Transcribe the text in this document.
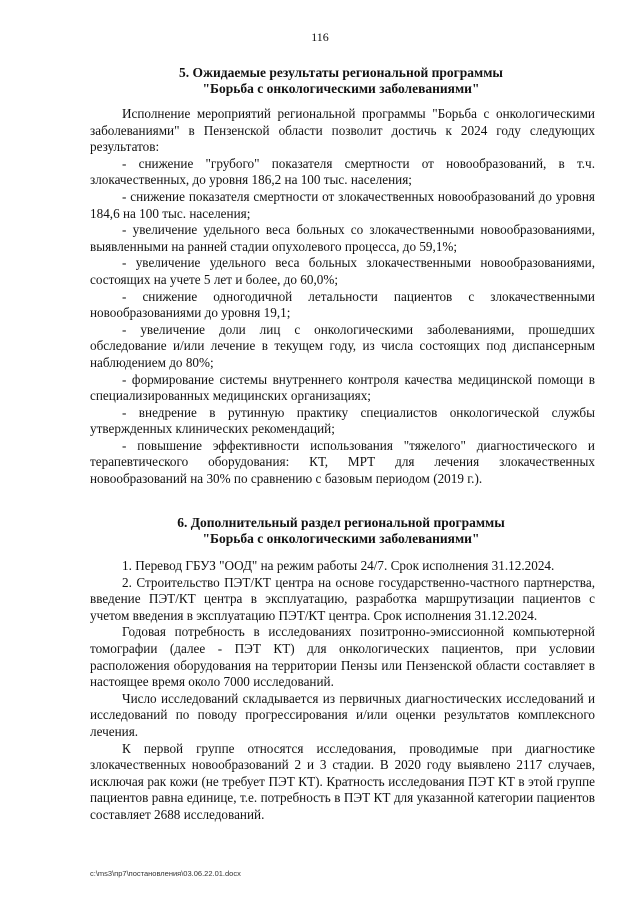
116
5. Ожидаемые результаты региональной программы
"Борьба с онкологическими заболеваниями"

Исполнение мероприятий региональной программы "Борьба с онкологическими заболеваниями" в Пензенской области позволит достичь к 2024 году следующих результатов:

- снижение "грубого" показателя смертности от новообразований, в т.ч. злокачественных, до уровня 186,2 на 100 тыс. населения;

- снижение показателя смертности от злокачественных новообразований до уровня 184,6 на 100 тыс. населения;

- увеличение удельного веса больных со злокачественными новообразованиями, выявленными на ранней стадии опухолевого процесса, до 59,1%;

- увеличение удельного веса больных злокачественными новообразованиями, состоящих на учете 5 лет и более, до 60,0%;

- снижение одногодичной летальности пациентов с злокачественными новообразованиями до уровня 19,1;

- увеличение доли лиц с онкологическими заболеваниями, прошедших обследование и/или лечение в текущем году, из числа состоящих под диспансерным наблюдением до 80%;

- формирование системы внутреннего контроля качества медицинской помощи в специализированных медицинских организациях;

- внедрение в рутинную практику специалистов онкологической службы утвержденных клинических рекомендаций;

- повышение эффективности использования "тяжелого" диагностического и терапевтического оборудования: КТ, МРТ для лечения злокачественных новообразований на 30% по сравнению с базовым периодом (2019 г.).

6. Дополнительный раздел региональной программы
"Борьба с онкологическими заболеваниями"

1. Перевод ГБУЗ "ООД" на режим работы 24/7. Срок исполнения 31.12.2024.

2. Строительство ПЭТ/КТ центра на основе государственно-частного партнерства, введение ПЭТ/КТ центра в эксплуатацию, разработка маршрутизации пациентов с учетом введения в эксплуатацию ПЭТ/КТ центра. Срок исполнения 31.12.2024.

Годовая потребность в исследованиях позитронно-эмиссионной компьютерной томографии (далее - ПЭТ КТ) для онкологических пациентов, при условии расположения оборудования на территории Пензы или Пензенской области составляет в настоящее время около 7000 исследований.

Число исследований складывается из первичных диагностических исследований и исследований по поводу прогрессирования и/или оценки результатов комплексного лечения.

К первой группе относятся исследования, проводимые при диагностике злокачественных новообразований 2 и 3 стадии. В 2020 году выявлено 2117 случаев, исключая рак кожи (не требует ПЭТ КТ). Кратность исследования ПЭТ КТ в этой группе пациентов равна единице, т.е. потребность в ПЭТ КТ для указанной категории пациентов составляет 2688 исследований.

c:\ms3\пр7\постановления\03.06.22.01.docx
